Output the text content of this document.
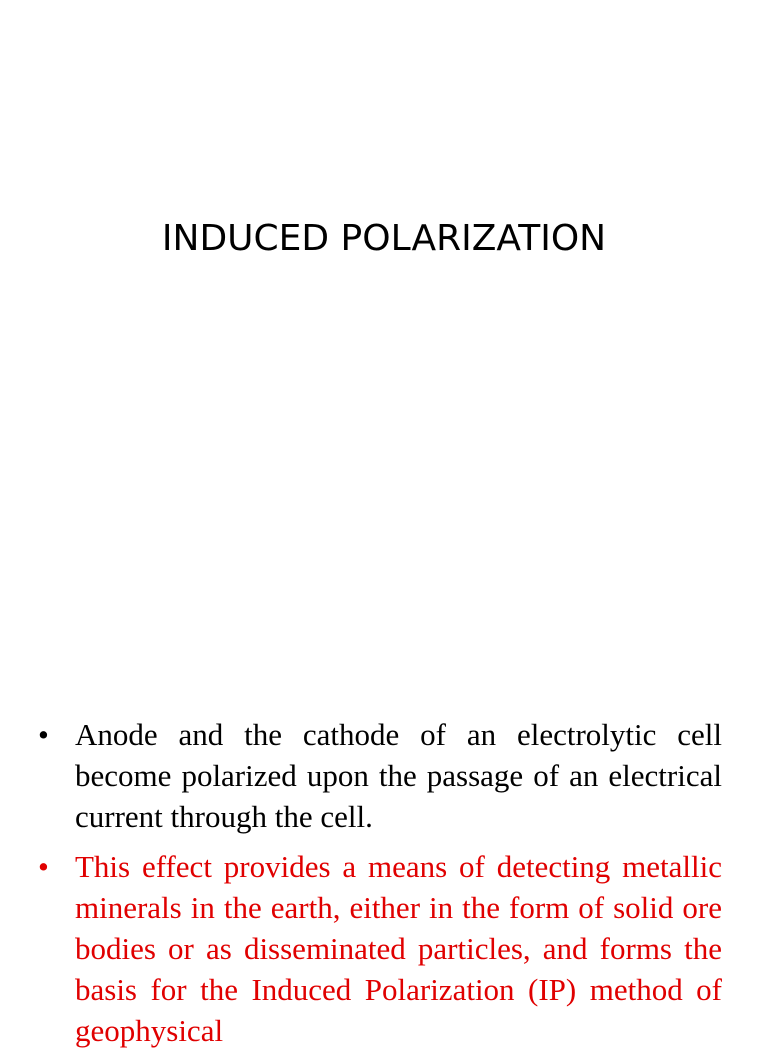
INDUCED POLARIZATION
• Anode and the cathode of an electrolytic cell become polarized upon the passage of an electrical current through the cell.
• This effect provides a means of detecting metallic minerals in the earth, either in the form of solid ore bodies or as disseminated particles, and forms the basis for the Induced Polarization (IP) method of geophysical
